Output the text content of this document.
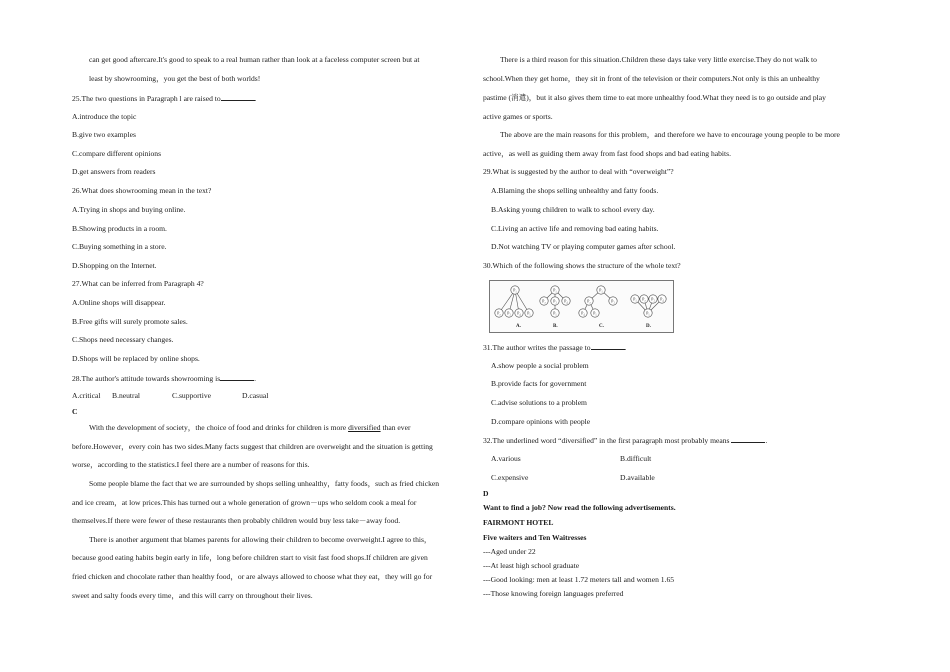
can get good aftercare.It's good to speak to a real human rather than look at a faceless computer screen but at
least by showrooming，you get the best of both worlds!
25.The two questions in Paragraph l are raised to	.
A.introduce the topic
B.give two examples
C.compare different opinions
D.get answers from readers
26.What does showrooming mean in the text?
A.Trying in shops and buying online.
B.Showing products in a room.
C.Buying something in a store.
D.Shopping on the Internet.
27.What can be inferred from Paragraph 4?
A.Online shops will disappear.
B.Free gifts will surely promote sales.
C.Shops need necessary changes.
D.Shops will be replaced by online shops.
28.The author's attitude towards showrooming is	.
A.critical B.neutral	C.supportive	D.casual
C
With the development of society，the choice of food and drinks for children is more diversified than ever
before.However，every coin has two sides.Many facts suggest that children are overweight and the situation is getting
worse，according to the statistics.I feel there are a number of reasons for this.
Some people blame the fact that we are surrounded by shops selling unhealthy，fatty foods，such as fried chicken
and ice cream，at low prices.This has turned out a whole generation of grown－ups who seldom cook a meal for
themselves.If there were fewer of these restaurants then probably children would buy less take－away food.
There is another argument that blames parents for allowing their children to become overweight.I agree to this，
because good eating habits begin early in life，long before children start to visit fast food shops.If children are given
fried chicken and chocolate rather than healthy food，or are always allowed to choose what they eat，they will go for
sweet and salty foods every time，and this will carry on throughout their lives.
There is a third reason for this situation.Children these days take very little exercise.They do not walk to
school.When they get home，they sit in front of the television or their computers.Not only is this an unhealthy
pastime (消遣)，but it also gives them time to eat more unhealthy food.What they need is to go outside and play
active games or sports.
The above are the main reasons for this problem，and therefore we have to encourage young people to be more
active，as well as guiding them away from fast food shops and bad eating habits.
29.What is suggested by the author to deal with “overweight”?
A.Blaming the shops selling unhealthy and fatty foods.
B.Asking young children to walk to school every day.
C.Living an active life and removing bad eating habits.
D.Not watching TV or playing computer games after school.
30.Which of the following shows the structure of the whole text?
31.The author writes the passage to	.
A.show people a social problem
B.provide facts for government
C.advise solutions to a problem
D.compare opinions with people
32.The underlined word “diversified” in the first paragraph most probably means	.
A.various	B.difficult
C.expensive	D.available
D
Want to find a job? Now read the following advertisements.
FAIRMONT HOTEL
Five waiters and Ten Waitresses
---Aged under 22
---At least high school graduate
---Good looking: men at least 1.72 meters tall and women 1.65
---Those knowing foreign languages preferred
P₁
P₂ P₃ P₄ P₅
P₁
P₂ P₃ P₄
P₅
P₁
P₂	P₃
P₄ P₅
P₁ P₂ P₃ P₄
P₅
A.	B.	C.	D.
